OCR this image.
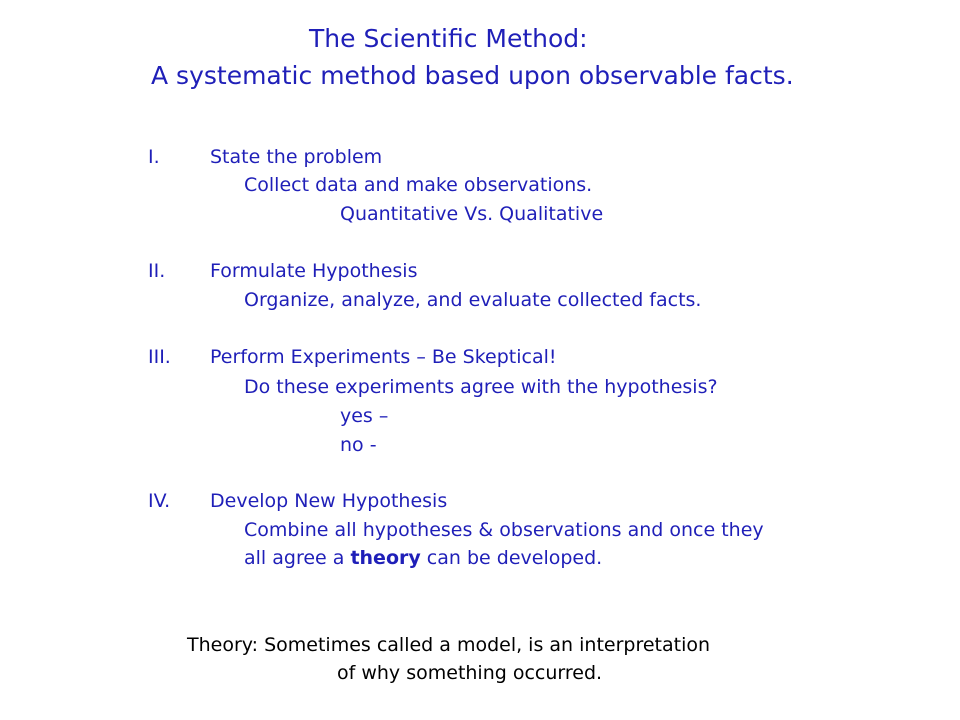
The Scientific Method:
A systematic method based upon observable facts.
I.	State the problem
Collect data and make observations.
Quantitative Vs. Qualitative
II. Formulate Hypothesis
Organize, analyze, and evaluate collected facts.
III. Perform Experiments – Be Skeptical!
Do these experiments agree with the hypothesis?
yes –
no -
IV. Develop New Hypothesis
Combine all hypotheses & observations and once they
all agree a theory can be developed.
Theory: Sometimes called a model, is an interpretation
of why something occurred.
